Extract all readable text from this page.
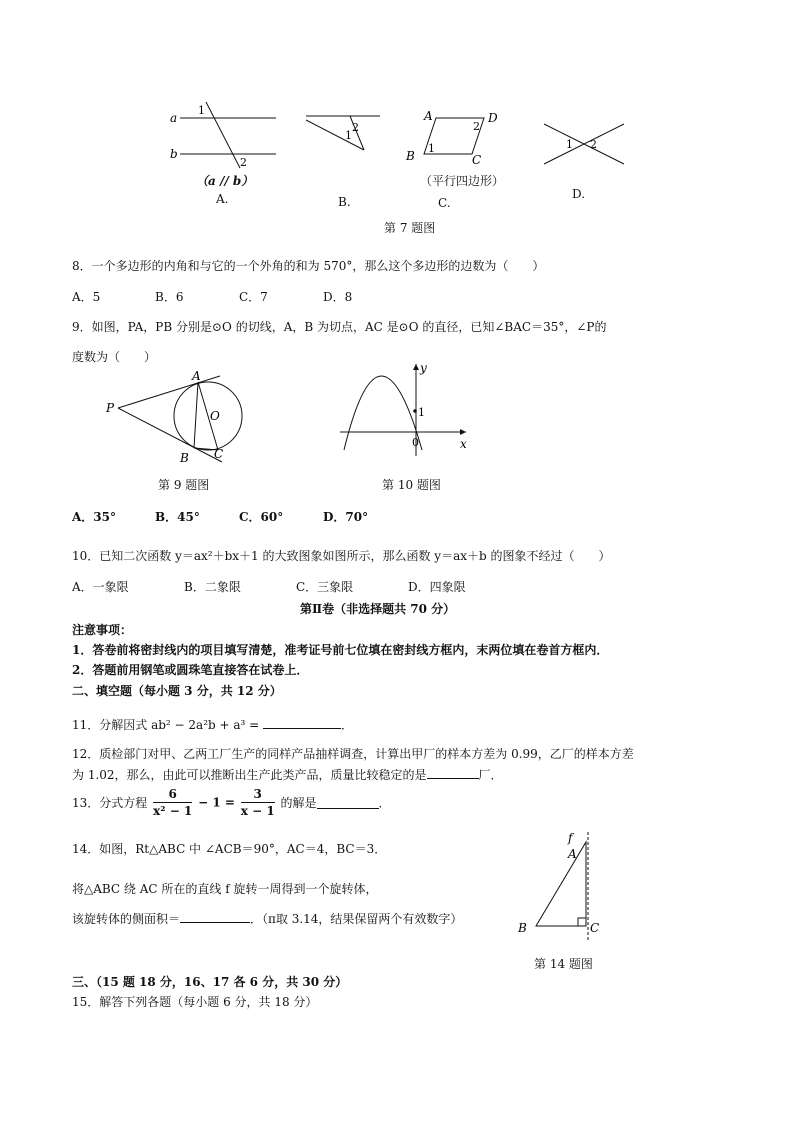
a
b
1
2
（a // b）
A.
2
1
B.
A	D
B	C
1
2
（平行四边形）
C.
1 2
D.
第 7 题图
8．一个多边形的内角和与它的一个外角的和为 570°，那么这个多边形的边数为（　　）
A．5	B．6	C．7	D．8
9．如图，PA，PB 分别是⊙O 的切线，A，B 为切点，AC 是⊙O 的直径，已知∠BAC＝35°，∠P的
度数为（　　）
P
A
O
B C
第 9 题图
y
x
1
0
第 10 题图
A．35°	B．45°	C．60°	D．70°
10．已知二次函数 y＝ax²＋bx＋1 的大致图象如图所示，那么函数 y＝ax＋b 的图象不经过（　　）
A．一象限	B．二象限	C．三象限	D．四象限
第Ⅱ卷（非选择题共 70 分）
注意事项：
1．答卷前将密封线内的项目填写清楚，准考证号前七位填在密封线方框内，末两位填在卷首方框内．
2．答题前用钢笔或圆珠笔直接答在试卷上．
二、填空题（每小题 3 分，共 12 分）
11．分解因式 ab² − 2a²b + a³ =	．
12．质检部门对甲、乙两工厂生产的同样产品抽样调查，计算出甲厂的样本方差为 0.99，乙厂的样本方差
为 1.02，那么，由此可以推断出生产此类产品，质量比较稳定的是	厂．
13．分式方程 $\frac{6}{\text{x² − 1}} - 1 = \frac{3}{x - 1}$ 的解是	．
14．如图，Rt△ABC 中 ∠ACB＝90°，AC＝4，BC＝3．
将△ABC 绕 AC 所在的直线 f 旋转一周得到一个旋转体，
该旋转体的侧面积＝	．（π取 3.14，结果保留两个有效数字）
f
A
B	C
第 14 题图
三、（15 题 18 分，16、17 各 6 分，共 30 分）
15．解答下列各题（每小题 6 分，共 18 分）
